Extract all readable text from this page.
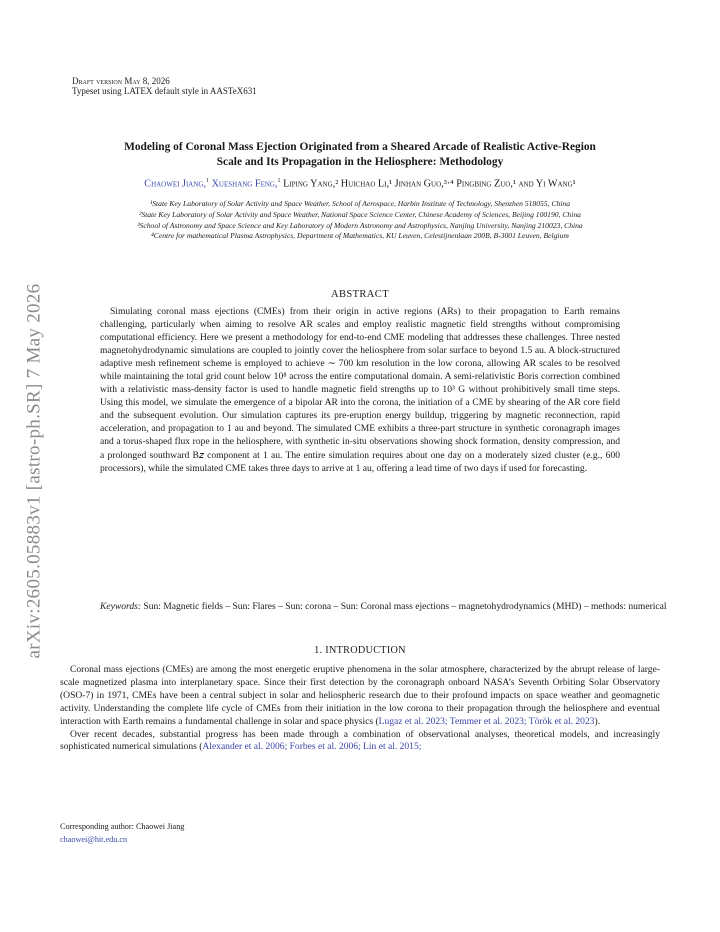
arXiv:2605.05883v1 [astro-ph.SR] 7 May 2026
Draft version May 8, 2026
Typeset using LATEX default style in AASTeX631
Modeling of Coronal Mass Ejection Originated from a Sheared Arcade of Realistic Active-Region
Scale and Its Propagation in the Heliosphere: Methodology
Chaowei Jiang,$^1$ Xueshang Feng,$^1$ Liping Yang,² Huichao Li,¹ Jinhan Guo,³·⁴ Pingbing Zuo,¹ and Yi Wang¹

¹State Key Laboratory of Solar Activity and Space Weather, School of Aerospace, Harbin Institute of Technology, Shenzhen 518055, China

²State Key Laboratory of Solar Activity and Space Weather, National Space Science Center, Chinese Academy of Sciences, Beijing 100190, China

³School of Astronomy and Space Science and Key Laboratory of Modern Astronomy and Astrophysics, Nanjing University, Nanjing 210023, China

⁴Centre for mathematical Plasma Astrophysics, Department of Mathematics, KU Leuven, Celestijnenlaan 200B, B-3001 Leuven, Belgium

ABSTRACT

Simulating coronal mass ejections (CMEs) from their origin in active regions (ARs) to their propagation to Earth remains challenging, particularly when aiming to resolve AR scales and employ realistic magnetic field strengths without compromising computational efficiency. Here we present a methodology for end-to-end CME modeling that addresses these challenges. Three nested magnetohydrodynamic simulations are coupled to jointly cover the heliosphere from solar surface to beyond 1.5 au. A block-structured adaptive mesh refinement scheme is employed to achieve ∼ 700 km resolution in the low corona, allowing AR scales to be resolved while maintaining the total grid count below 10⁸ across the entire computational domain. A semi-relativistic Boris correction combined with a relativistic mass-density factor is used to handle magnetic field strengths up to 10³ G without prohibitively small time steps. Using this model, we simulate the emergence of a bipolar AR into the corona, the initiation of a CME by shearing of the AR core field and the subsequent evolution. Our simulation captures its pre-eruption energy buildup, triggering by magnetic reconnection, rapid acceleration, and propagation to 1 au and beyond. The simulated CME exhibits a three-part structure in synthetic coronagraph images and a torus-shaped flux rope in the heliosphere, with synthetic in-situ observations showing shock formation, density compression, and a prolonged southward B𝑧 component at 1 au. The entire simulation requires about one day on a moderately sized cluster (e.g., 600 processors), while the simulated CME takes three days to arrive at 1 au, offering a lead time of two days if used for forecasting.

Keywords: Sun: Magnetic fields – Sun: Flares – Sun: corona – Sun: Coronal mass ejections – magnetohydrodynamics (MHD) – methods: numerical
1. INTRODUCTION

Coronal mass ejections (CMEs) are among the most energetic eruptive phenomena in the solar atmosphere, characterized by the abrupt release of large-scale magnetized plasma into interplanetary space. Since their first detection by the coronagraph onboard NASA’s Seventh Orbiting Solar Observatory (OSO-7) in 1971, CMEs have been a central subject in solar and heliospheric research due to their profound impacts on space weather and geomagnetic activity. Understanding the complete life cycle of CMEs from their initiation in the low corona to their propagation through the heliosphere and eventual interaction with Earth remains a fundamental challenge in solar and space physics (Lugaz et al. 2023; Temmer et al. 2023; Török et al. 2023).

Over recent decades, substantial progress has been made through a combination of observational analyses, theoretical models, and increasingly sophisticated numerical simulations (Alexander et al. 2006; Forbes et al. 2006; Lin et al. 2015;

Corresponding author: Chaowei Jiang
chaowei@hit.edu.cn
